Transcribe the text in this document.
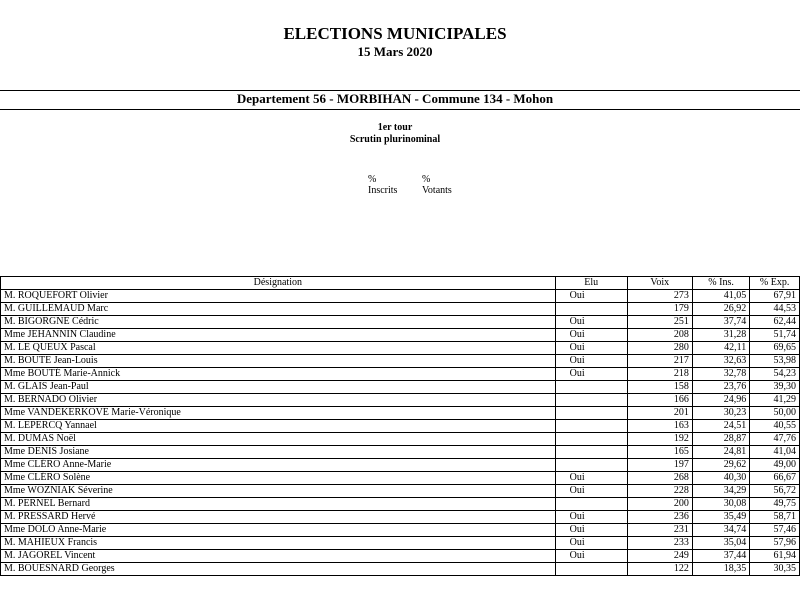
ELECTIONS MUNICIPALES
15 Mars 2020
Departement 56 - MORBIHAN - Commune 134 - Mohon
1er tour
Scrutin plurinominal
% Inscrits
% Votants
Désignation	Elu	Voix	% Ins.	% Exp.
M. ROQUEFORT Olivier	Oui	273	41,05	67,91
M. GUILLEMAUD Marc		179	26,92	44,53
M. BIGORGNE Cédric	Oui	251	37,74	62,44
Mme JEHANNIN Claudine	Oui	208	31,28	51,74
M. LE QUEUX Pascal	Oui	280	42,11	69,65
M. BOUTE Jean-Louis	Oui	217	32,63	53,98
Mme BOUTÉ Marie-Annick	Oui	218	32,78	54,23
M. GLAIS Jean-Paul		158	23,76	39,30
M. BERNADO Olivier		166	24,96	41,29
Mme VANDEKERKOVE Marie-Véronique		201	30,23	50,00
M. LEPERCQ Yannael		163	24,51	40,55
M. DUMAS Noël		192	28,87	47,76
Mme DENIS Josiane		165	24,81	41,04
Mme CLÉRO Anne-Marie		197	29,62	49,00
Mme CLÉRO Solène	Oui	268	40,30	66,67
Mme WOZNIAK Séverine	Oui	228	34,29	56,72
M. PERNEL Bernard		200	30,08	49,75
M. PRESSARD Hervé	Oui	236	35,49	58,71
Mme DOLO Anne-Marie	Oui	231	34,74	57,46
M. MAHIEUX Francis	Oui	233	35,04	57,96
M. JAGOREL Vincent	Oui	249	37,44	61,94
M. BOUESNARD Georges		122	18,35	30,35
